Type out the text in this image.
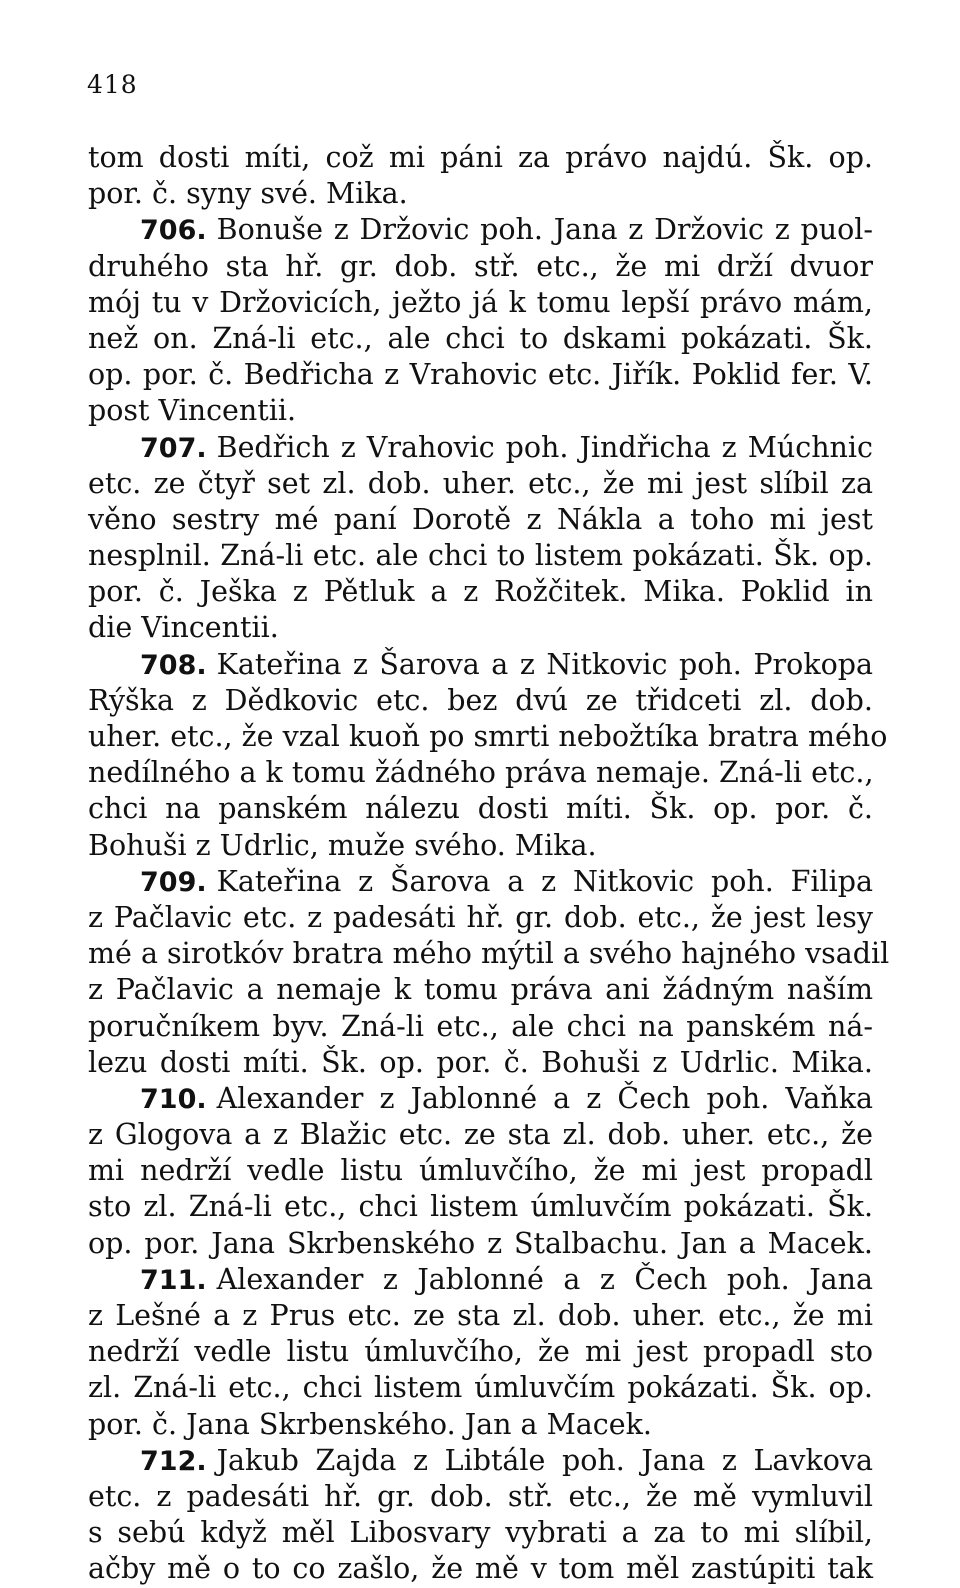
418
tom dosti míti, což mi páni za právo najdú. Šk. op.
por. č. syny své. Mika.
706. Bonuše z Držovic poh. Jana z Držovic z puol-
druhého sta hř. gr. dob. stř. etc., že mi drží dvuor
mój tu v Držovicích, ježto já k tomu lepší právo mám,
než on. Zná-li etc., ale chci to dskami pokázati. Šk.
op. por. č. Bedřicha z Vrahovic etc. Jiřík. Poklid fer. V.
post Vincentii.
707. Bedřich z Vrahovic poh. Jindřicha z Múchnic
etc. ze čtyř set zl. dob. uher. etc., že mi jest slíbil za
věno sestry mé paní Dorotě z Nákla a toho mi jest
nesplnil. Zná-li etc. ale chci to listem pokázati. Šk. op.
por. č. Ješka z Pětluk a z Rožčitek. Mika. Poklid in
die Vincentii.
708. Kateřina z Šarova a z Nitkovic poh. Prokopa
Rýška z Dědkovic etc. bez dvú ze třidceti zl. dob.
uher. etc., že vzal kuoň po smrti nebožtíka bratra mého
nedílného a k tomu žádného práva nemaje. Zná-li etc.,
chci na panském nálezu dosti míti. Šk. op. por. č.
Bohuši z Udrlic, muže svého. Mika.
709. Kateřina z Šarova a z Nitkovic poh. Filipa
z Pačlavic etc. z padesáti hř. gr. dob. etc., že jest lesy
mé a sirotkóv bratra mého mýtil a svého hajného vsadil
z Pačlavic a nemaje k tomu práva ani žádným naším
poručníkem byv. Zná-li etc., ale chci na panském ná-
lezu dosti míti. Šk. op. por. č. Bohuši z Udrlic. Mika.
710. Alexander z Jablonné a z Čech poh. Vaňka
z Glogova a z Blažic etc. ze sta zl. dob. uher. etc., že
mi nedrží vedle listu úmluvčího, že mi jest propadl
sto zl. Zná-li etc., chci listem úmluvčím pokázati. Šk.
op. por. Jana Skrbenského z Stalbachu. Jan a Macek.
711. Alexander z Jablonné a z Čech poh. Jana
z Lešné a z Prus etc. ze sta zl. dob. uher. etc., že mi
nedrží vedle listu úmluvčího, že mi jest propadl sto
zl. Zná-li etc., chci listem úmluvčím pokázati. Šk. op.
por. č. Jana Skrbenského. Jan a Macek.
712. Jakub Zajda z Libtále poh. Jana z Lavkova
etc. z padesáti hř. gr. dob. stř. etc., že mě vymluvil
s sebú když měl Libosvary vybrati a za to mi slíbil,
ačby mě o to co zašlo, že mě v tom měl zastúpiti tak
